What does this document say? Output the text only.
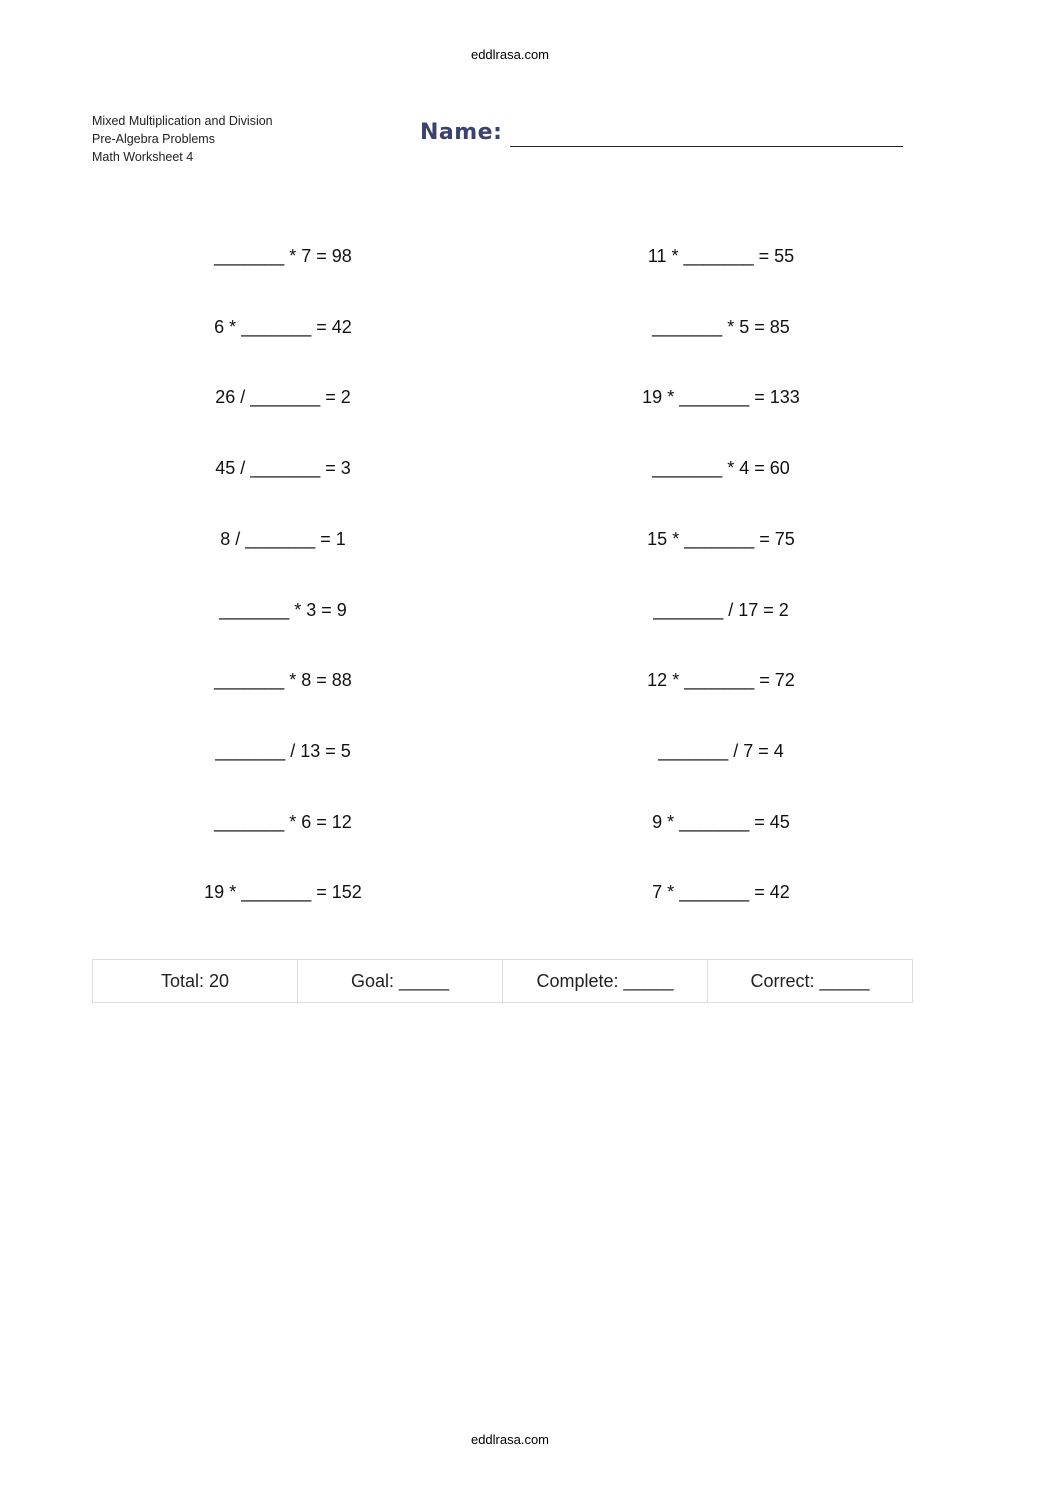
eddlrasa.com
Mixed Multiplication and Division
Pre-Algebra Problems
Math Worksheet 4
Name:
_______ * 7 = 98
6 * _______ = 42
26 / _______ = 2
45 / _______ = 3
8 / _______ = 1
_______ * 3 = 9
_______ * 8 = 88
_______ / 13 = 5
_______ * 6 = 12
19 * _______ = 152
11 * _______ = 55
_______ * 5 = 85
19 * _______ = 133
_______ * 4 = 60
15 * _______ = 75
_______ / 17 = 2
12 * _______ = 72
_______ / 7 = 4
9 * _______ = 45
7 * _______ = 42
Total: 20	Goal: _____	Complete: _____	Correct: _____
eddlrasa.com
